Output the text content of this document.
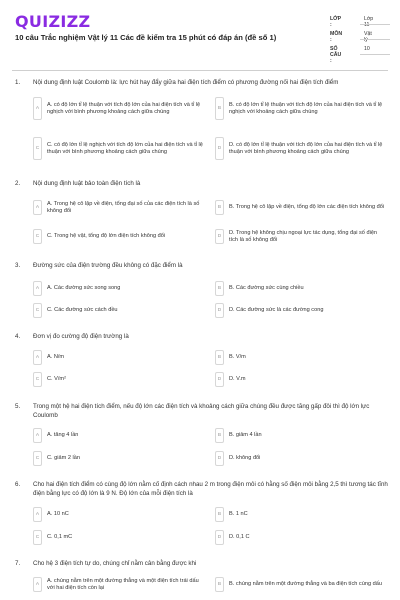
QUIZIZZ
10 câu Trắc nghiệm Vật lý 11 Các đề kiểm tra 15 phút có đáp án (đề số 1)
LỚP :
Lớp 11
MÔN :
Vật lý
SỐ CÂU :
10
1. Nội dung định luật Coulomb là: lực hút hay đẩy giữa hai điện tích điểm có phương đường nối hai điện tích điểm
A
A. có độ lớn tỉ lệ thuận với tích độ lớn của hai điện tích và tỉ lệ nghịch với bình phương khoảng cách giữa chúng	B
B. có độ lớn tỉ lệ thuận với tích độ lớn của hai điện tích và tỉ lệ nghịch với khoảng cách giữa chúng
C
C. có độ lớn tỉ lệ nghịch với tích độ lớn của hai điện tích và tỉ lệ thuận với bình phương khoảng cách giữa chúng	D
D. có độ lớn tỉ lệ thuận với tích độ lớn của hai điện tích và tỉ lệ thuận với bình phương khoảng cách giữa chúng
2. Nội dung định luật bảo toàn điện tích là
A
A. Trong hệ cô lập về điện, tổng đại số của các điện tích là số không đổi	B	B. Trong hệ cô lập về điện, tổng độ lớn các điện tích không đổi
C	C. Trong hệ vật, tổng độ lớn điện tích không đổi	D
D. Trong hệ không chịu ngoại lực tác dụng, tổng đại số điện tích là số không đổi
3. Đường sức của điện trường đều không có đặc điểm là
A	A. Các đường sức song song	B	B. Các đường sức cùng chiều
C	C. Các đường sức cách đều	D	D. Các đường sức là các đường cong
4. Đơn vị đo cường độ điện trường là
A	A. N/m	B	B. V/m
C	C. V/m²	D	D. V.m
5. Trong một hệ hai điện tích điểm, nếu độ lớn các điện tích và khoảng cách giữa chúng đều được tăng gấp đôi thì độ lớn lực Coulomb
A	A. tăng 4 lần	B	B. giảm 4 lần
C	C. giảm 2 lần	D	D. không đổi
6. Cho hai điện tích điểm có cùng độ lớn nằm cố định cách nhau 2 m trong điện môi có hằng số điện môi bằng 2,5 thì tương tác tĩnh điện bằng lực có độ lớn là 9 N. Độ lớn của mỗi điện tích là
A	A. 10 nC	B	B. 1 nC
C	C. 0,1 mC	D	D. 0,1 C
7. Cho hệ 3 điện tích tự do, chúng chỉ nằm cân bằng được khi
A
A. chúng nằm trên một đường thẳng và một điện tích trái dấu với hai điện tích còn lại	B	B. chúng nằm trên một đường thẳng và ba điện tích cùng dấu
